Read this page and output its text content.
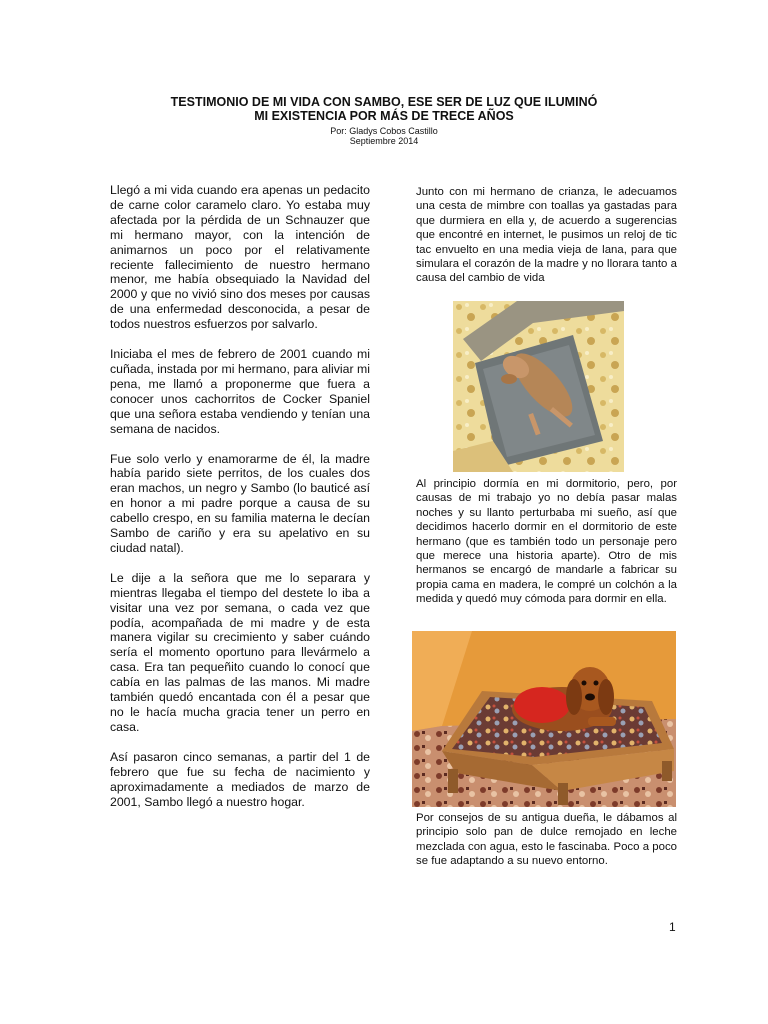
TESTIMONIO DE MI VIDA CON SAMBO, ESE SER DE LUZ QUE ILUMINÓ
MI EXISTENCIA POR MÁS DE TRECE AÑOS
Por: Gladys Cobos Castillo
Septiembre 2014

Llegó a mi vida cuando era apenas un pedacito de carne color caramelo claro. Yo estaba muy afectada por la pérdida de un Schnauzer que mi hermano mayor, con la intención de animarnos un poco por el relativamente reciente fallecimiento de nuestro hermano menor, me había obsequiado la Navidad del 2000 y que no vivió sino dos meses por causas de una enfermedad desconocida, a pesar de todos nuestros esfuerzos por salvarlo.

Iniciaba el mes de febrero de 2001 cuando mi cuñada, instada por mi hermano, para aliviar mi pena, me llamó a proponerme que fuera a conocer unos cachorritos de Cocker Spaniel que una señora estaba vendiendo y tenían una semana de nacidos.

Fue solo verlo y enamorarme de él, la madre había parido siete perritos, de los cuales dos eran machos, un negro y Sambo (lo bauticé así en honor a mi padre porque a causa de su cabello crespo, en su familia materna le decían Sambo de cariño y era su apelativo en su ciudad natal).

Le dije a la señora que me lo separara y mientras llegaba el tiempo del destete lo iba a visitar una vez por semana, o cada vez que podía, acompañada de mi madre y de esta manera vigilar su crecimiento y saber cuándo sería el momento oportuno para llevármelo a casa. Era tan pequeñito cuando lo conocí que cabía en las palmas de las manos. Mi madre también quedó encantada con él a pesar que no le hacía mucha gracia tener un perro en casa.

Así pasaron cinco semanas, a partir del 1 de febrero que fue su fecha de nacimiento y aproximadamente a mediados de marzo de 2001, Sambo llegó a nuestro hogar.

Junto con mi hermano de crianza, le adecuamos una cesta de mimbre con toallas ya gastadas para que durmiera en ella y, de acuerdo a sugerencias que encontré en internet, le pusimos un reloj de tic tac envuelto en una media vieja de lana, para que simulara el corazón de la madre y no llorara tanto a causa del cambio de vida

Al principio dormía en mi dormitorio, pero, por causas de mi trabajo yo no debía pasar malas noches y su llanto perturbaba mi sueño, así que decidimos hacerlo dormir en el dormitorio de este hermano (que es también todo un personaje pero que merece una historia aparte). Otro de mis hermanos se encargó de mandarle a fabricar su propia cama en madera, le compré un colchón a la medida y quedó muy cómoda para dormir en ella.

Por consejos de su antigua dueña, le dábamos al principio solo pan de dulce remojado en leche mezclada con agua, esto le fascinaba. Poco a poco se fue adaptando a su nuevo entorno.

1
